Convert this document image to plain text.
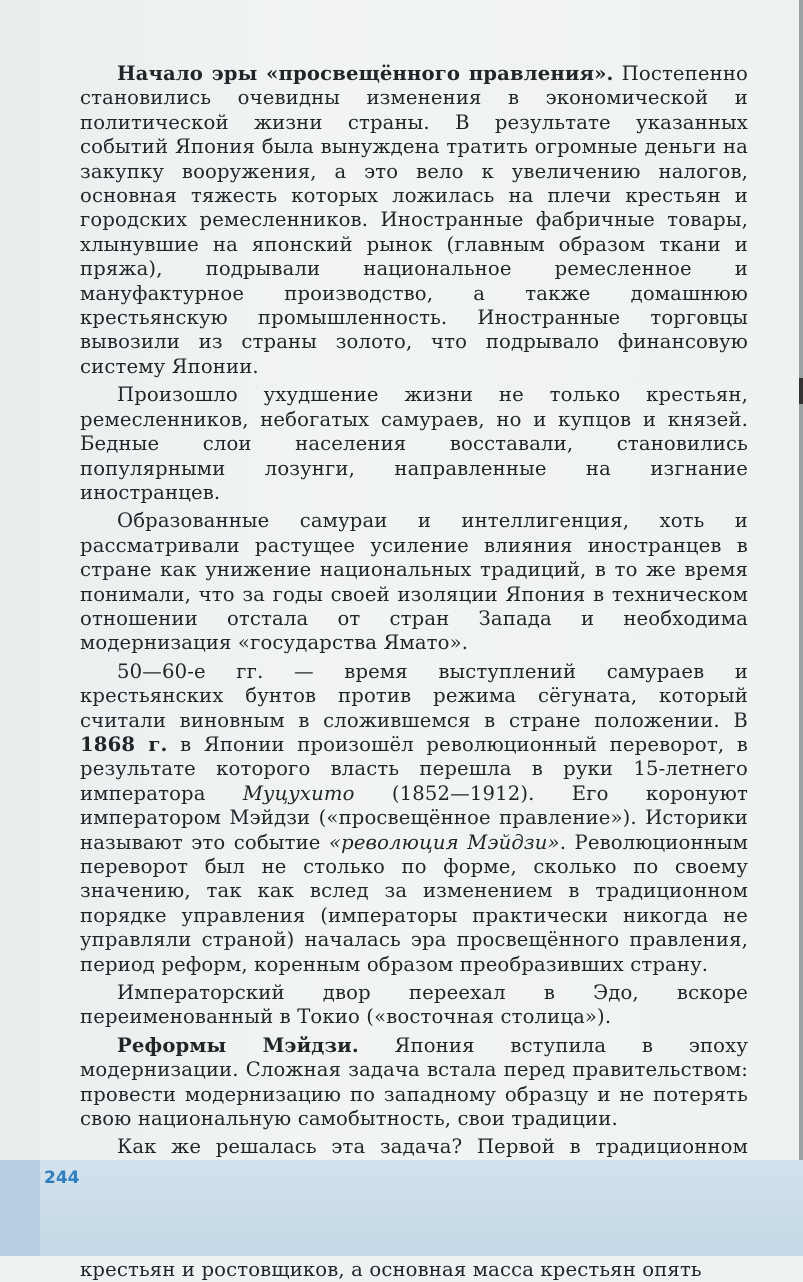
Начало эры «просвещённого правления». Постепенно становились очевидны изменения в экономической и политической жизни страны. В результате указанных событий Япония была вынуждена тратить огромные деньги на закупку вооружения, а это вело к увеличению налогов, основная тяжесть которых ложилась на плечи крестьян и городских ремесленников. Иностранные фабричные товары, хлынувшие на японский рынок (главным образом ткани и пряжа), подрывали национальное ремесленное и мануфактурное производство, а также домашнюю крестьянскую промышленность. Иностранные торговцы вывозили из страны золото, что подрывало финансовую систему Японии.

Произошло ухудшение жизни не только крестьян, ремесленников, небогатых самураев, но и купцов и князей. Бедные слои населения восставали, становились популярными лозунги, направленные на изгнание иностранцев.

Образованные самураи и интеллигенция, хоть и рассматривали растущее усиление влияния иностранцев в стране как унижение национальных традиций, в то же время понимали, что за годы своей изоляции Япония в техническом отношении отстала от стран Запада и необходима модернизация «государства Ямато».

50—60-е гг. — время выступлений самураев и крестьянских бунтов против режима сёгуната, который считали виновным в сложившемся в стране положении. В 1868 г. в Японии произошёл революционный переворот, в результате которого власть перешла в руки 15-летнего императора Муцухито (1852—1912). Его коронуют императором Мэйдзи («просвещённое правление»). Историки называют это событие «революция Мэйдзи». Революционным переворот был не столько по форме, сколько по своему значению, так как вслед за изменением в традиционном порядке управления (императоры практически никогда не управляли страной) началась эра просвещённого правления, период реформ, коренным образом преобразивших страну.

Императорский двор переехал в Эдо, вскоре переименованный в Токио («восточная столица»).

Реформы Мэйдзи. Япония вступила в эпоху модернизации. Сложная задача встала перед правительством: провести модернизацию по западному образцу и не потерять свою национальную самобытность, свои традиции.

Как же решалась эта задача? Первой в традиционном крестьян и ростовщиков, а основная масса крестьян опять

244
